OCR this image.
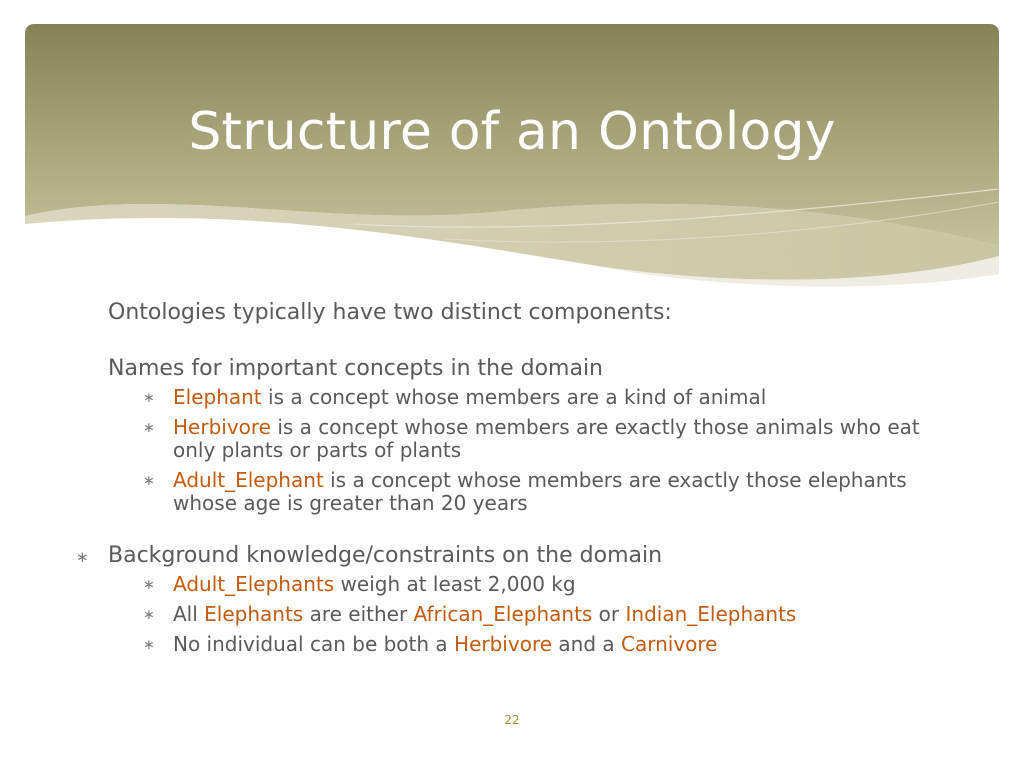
Structure of an Ontology
Ontologies typically have two distinct components:
Names for important concepts in the domain
∗ Elephant is a concept whose members are a kind of animal
∗ Herbivore is a concept whose members are exactly those animals who eat only plants or parts of plants
∗ Adult_Elephant is a concept whose members are exactly those elephants whose age is greater than 20 years
∗ Background knowledge/constraints on the domain
∗ Adult_Elephants weigh at least 2,000 kg
∗ All Elephants are either African_Elephants or Indian_Elephants
∗ No individual can be both a Herbivore and a Carnivore
22
